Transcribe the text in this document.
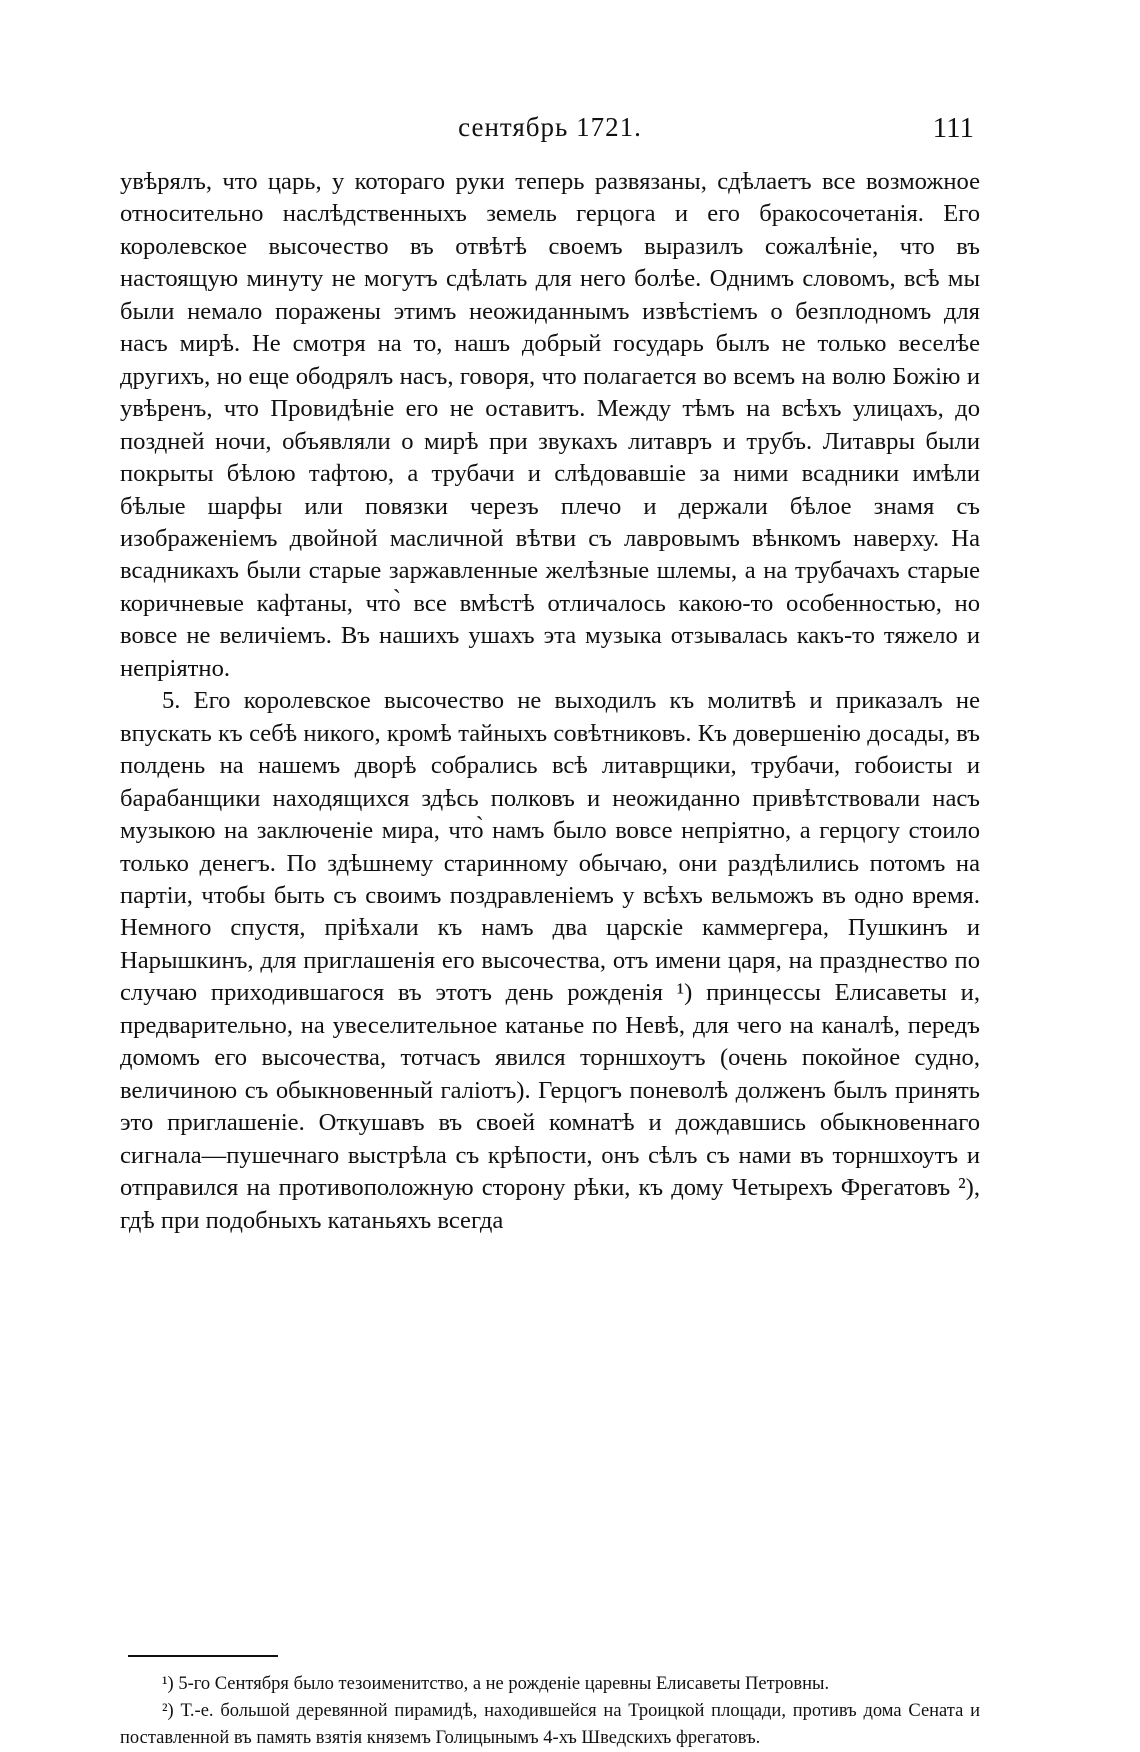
сентябрь 1721.	111

увѣрялъ, что царь, у котораго руки теперь развязаны, сдѣлаетъ все возможное относительно наслѣдственныхъ земель герцога и его бракосочетанія. Его королевское высочество въ отвѣтѣ своемъ выразилъ сожалѣніе, что въ настоящую минуту не могутъ сдѣлать для него болѣе. Однимъ словомъ, всѣ мы были немало поражены этимъ неожиданнымъ извѣстіемъ о безплодномъ для насъ мирѣ. Не смотря на то, нашъ добрый государь былъ не только веселѣе другихъ, но еще ободрялъ насъ, говоря, что полагается во всемъ на волю Божію и увѣренъ, что Провидѣніе его не оставитъ. Между тѣмъ на всѣхъ улицахъ, до поздней ночи, объявляли о мирѣ при звукахъ литавръ и трубъ. Литавры были покрыты бѣлою тафтою, а трубачи и слѣдовавшіе за ними всадники имѣли бѣлые шарфы или повязки черезъ плечо и держали бѣлое знамя съ изображеніемъ двойной масличной вѣтви съ лавровымъ вѣнкомъ наверху. На всадникахъ были старые заржавленные желѣзные шлемы, а на трубачахъ старые коричневые кафтаны, что̀ все вмѣстѣ отличалось какою-то особенностью, но вовсе не величіемъ. Въ нашихъ ушахъ эта музыка отзывалась какъ-то тяжело и непріятно.

5. Его королевское высочество не выходилъ къ молитвѣ и приказалъ не впускать къ себѣ никого, кромѣ тайныхъ совѣтниковъ. Къ довершенію досады, въ полдень на нашемъ дворѣ собрались всѣ литаврщики, трубачи, гобоисты и барабанщики находящихся здѣсь полковъ и неожиданно привѣтствовали насъ музыкою на заключеніе мира, что̀ намъ было вовсе непріятно, а герцогу стоило только денегъ. По здѣшнему старинному обычаю, они раздѣлились потомъ на партіи, чтобы быть съ своимъ поздравленіемъ у всѣхъ вельможъ въ одно время. Немного спустя, пріѣхали къ намъ два царскіе каммергера, Пушкинъ и Нарышкинъ, для приглашенія его высочества, отъ имени царя, на празднество по случаю приходившагося въ этотъ день рожденія ¹) принцессы Елисаветы и, предварительно, на увеселительное катанье по Невѣ, для чего на каналѣ, передъ домомъ его высочества, тотчасъ явился торншхоутъ (очень покойное судно, величиною съ обыкновенный галіотъ). Герцогъ поневолѣ долженъ былъ принять это приглашеніе. Откушавъ въ своей комнатѣ и дождавшись обыкновеннаго сигнала—пушечнаго выстрѣла съ крѣпости, онъ сѣлъ съ нами въ торншхоутъ и отправился на противоположную сторону рѣки, къ дому Четырехъ Фрегатовъ ²), гдѣ при подобныхъ катаньяхъ всегда

¹) 5-го Сентября было тезоименитство, а не рожденіе царевны Елисаветы Петровны.

²) Т.-е. большой деревянной пирамидѣ, находившейся на Троицкой площади, противъ дома Сената и поставленной въ память взятія княземъ Голицынымъ 4-хъ Шведскихъ фрегатовъ.
